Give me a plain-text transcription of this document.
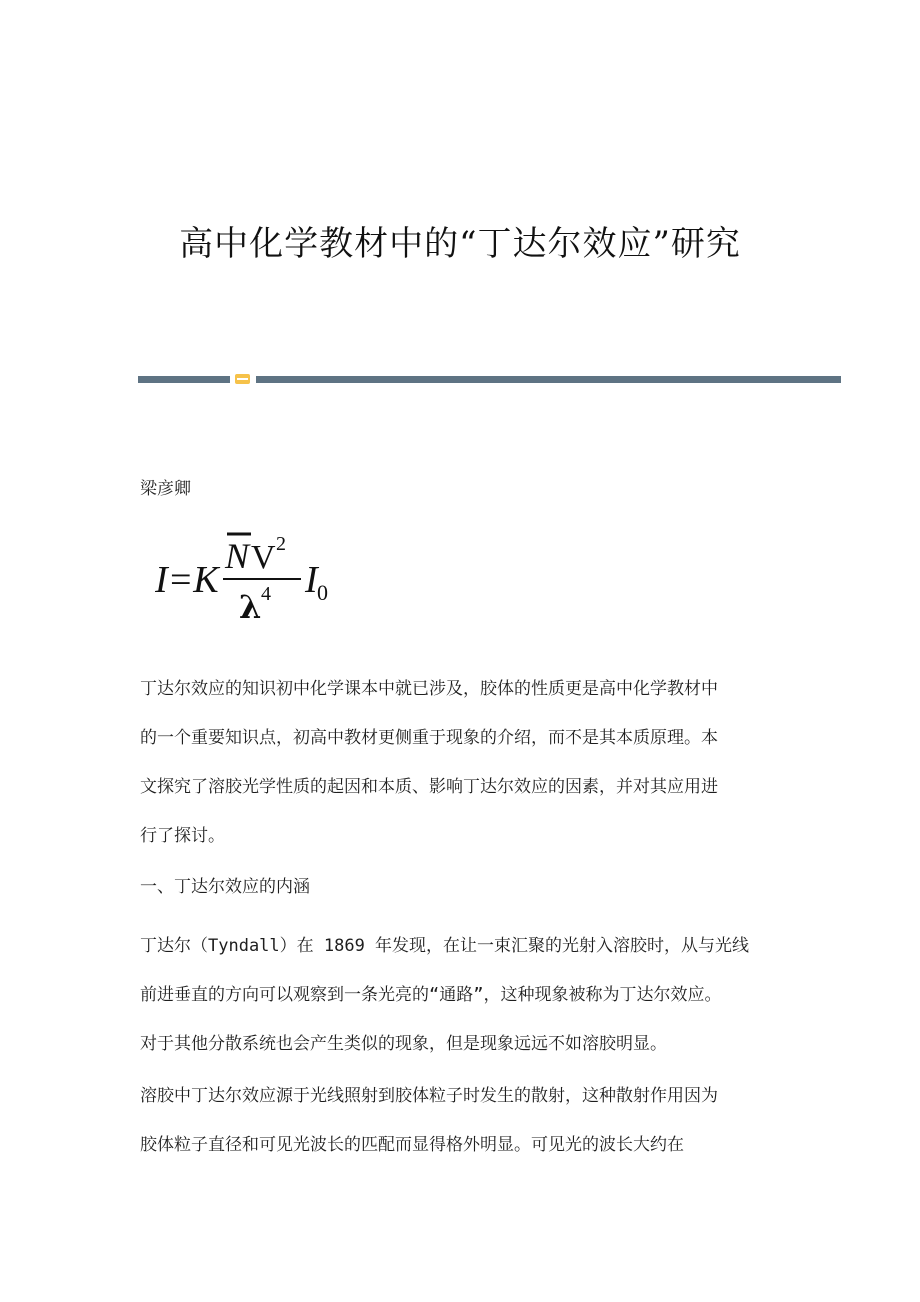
高中化学教材中的“丁达尔效应”研究
梁彦卿
I=K
N V 2
λ 4 I 0
丁达尔效应的知识初中化学课本中就已涉及，胶体的性质更是高中化学教材中
的一个重要知识点，初高中教材更侧重于现象的介绍，而不是其本质原理。本
文探究了溶胶光学性质的起因和本质、影响丁达尔效应的因素，并对其应用进
行了探讨。
一、丁达尔效应的内涵
丁达尔（Tyndall）在 1869 年发现，在让一束汇聚的光射入溶胶时，从与光线
前进垂直的方向可以观察到一条光亮的“通路”，这种现象被称为丁达尔效应。
对于其他分散系统也会产生类似的现象，但是现象远远不如溶胶明显。
溶胶中丁达尔效应源于光线照射到胶体粒子时发生的散射，这种散射作用因为
胶体粒子直径和可见光波长的匹配而显得格外明显。可见光的波长大约在
